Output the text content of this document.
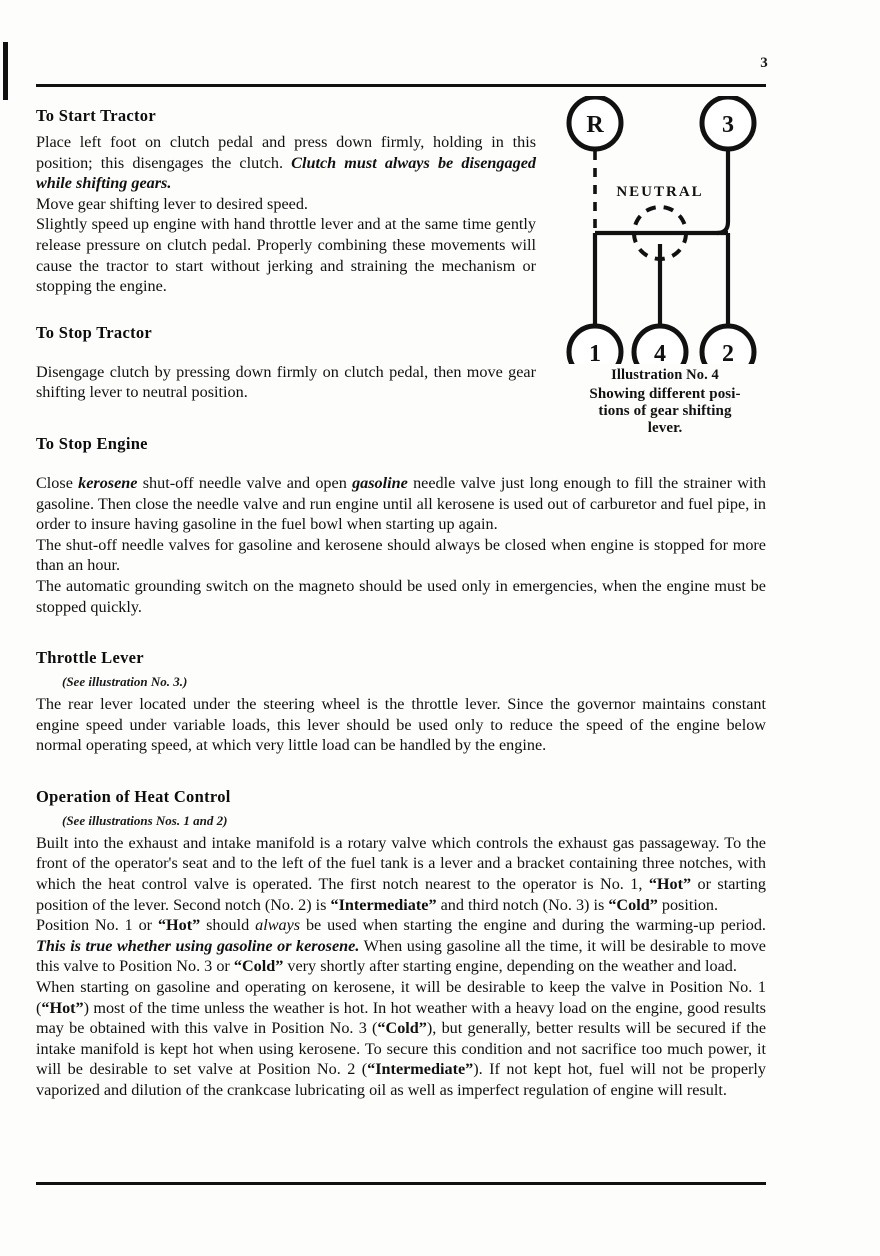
3
NEUTRAL
R	3
1 4 2
Illustration No. 4
Showing different posi-
tions of gear shifting
lever.
To Start Tractor

Place left foot on clutch pedal and press down firmly, holding in this position; this disengages the clutch. Clutch must always be disengaged while shifting gears.

Move gear shifting lever to desired speed.

Slightly speed up engine with hand throttle lever and at the same time gently release pressure on clutch pedal. Properly combining these movements will cause the tractor to start without jerking and straining the mechanism or stopping the engine.

To Stop Tractor

Disengage clutch by pressing down firmly on clutch pedal, then move gear shifting lever to neutral position.

To Stop Engine

Close kerosene shut-off needle valve and open gasoline needle valve just long enough to fill the strainer with gasoline. Then close the needle valve and run engine until all kerosene is used out of carburetor and fuel pipe, in order to insure having gasoline in the fuel bowl when starting up again.

The shut-off needle valves for gasoline and kerosene should always be closed when engine is stopped for more than an hour.

The automatic grounding switch on the magneto should be used only in emergencies, when the engine must be stopped quickly.

Throttle Lever
(See illustration No. 3.)

The rear lever located under the steering wheel is the throttle lever. Since the governor maintains constant engine speed under variable loads, this lever should be used only to reduce the speed of the engine below normal operating speed, at which very little load can be handled by the engine.

Operation of Heat Control
(See illustrations Nos. 1 and 2)

Built into the exhaust and intake manifold is a rotary valve which controls the exhaust gas passageway. To the front of the operator's seat and to the left of the fuel tank is a lever and a bracket containing three notches, with which the heat control valve is operated. The first notch nearest to the operator is No. 1, “Hot” or starting position of the lever. Second notch (No. 2) is “Intermediate” and third notch (No. 3) is “Cold” position.

Position No. 1 or “Hot” should always be used when starting the engine and during the warming-up period. This is true whether using gasoline or kerosene. When using gasoline all the time, it will be desirable to move this valve to Position No. 3 or “Cold” very shortly after starting engine, depending on the weather and load.

When starting on gasoline and operating on kerosene, it will be desirable to keep the valve in Position No. 1 (“Hot”) most of the time unless the weather is hot. In hot weather with a heavy load on the engine, good results may be obtained with this valve in Position No. 3 (“Cold”), but generally, better results will be secured if the intake manifold is kept hot when using kerosene. To secure this condition and not sacrifice too much power, it will be desirable to set valve at Position No. 2 (“Intermediate”). If not kept hot, fuel will not be properly vaporized and dilution of the crankcase lubricating oil as well as imperfect regulation of engine will result.
